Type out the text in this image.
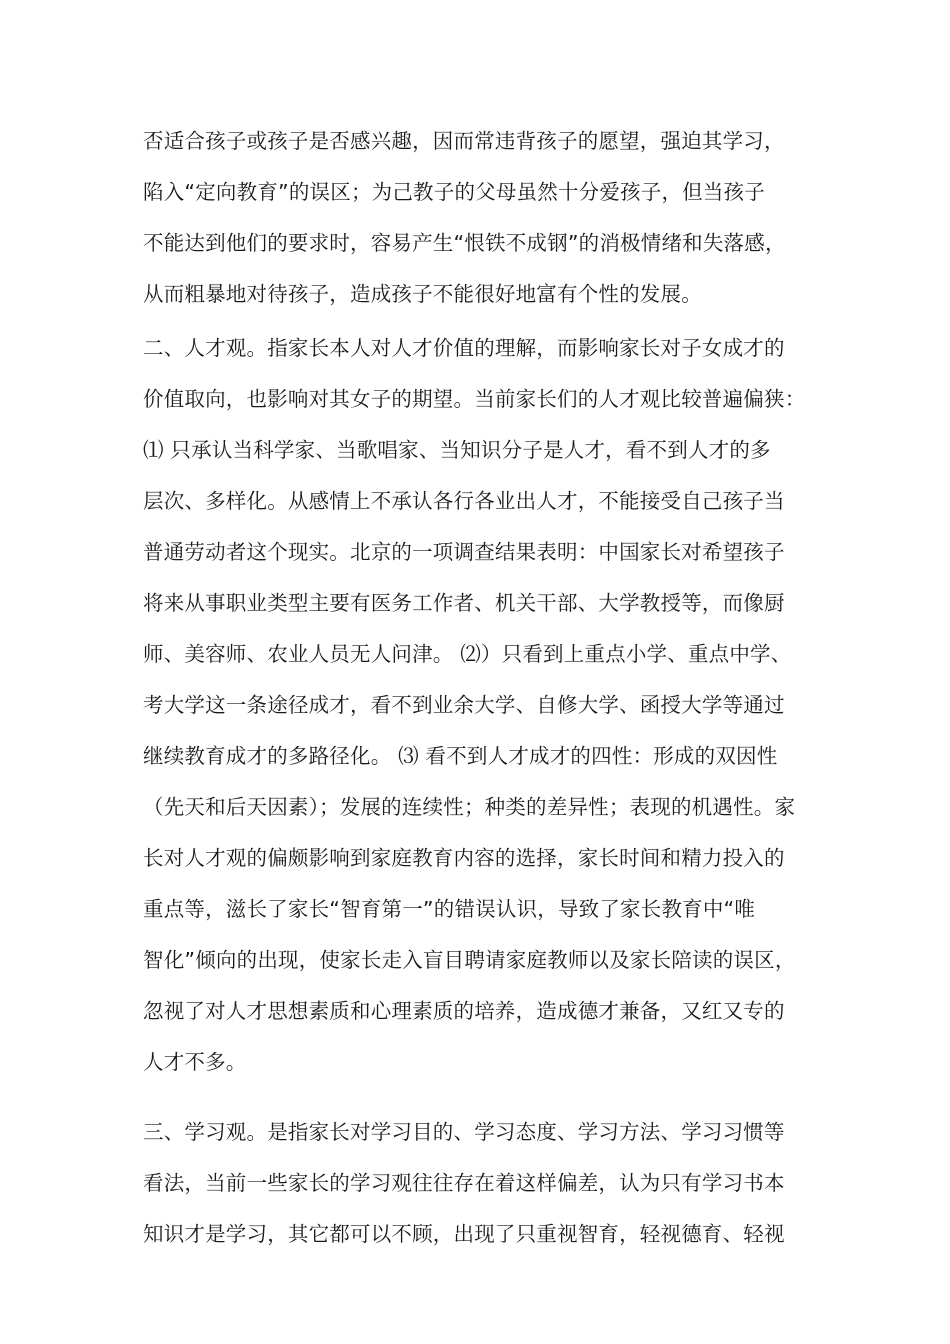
否适合孩子或孩子是否感兴趣，因而常违背孩子的愿望，强迫其学习，
陷入“定向教育”的误区；为己教子的父母虽然十分爱孩子，但当孩子
不能达到他们的要求时，容易产生“恨铁不成钢”的消极情绪和失落感，
从而粗暴地对待孩子，造成孩子不能很好地富有个性的发展。
二、人才观。指家长本人对人才价值的理解，而影响家长对子女成才的
价值取向，也影响对其女子的期望。当前家长们的人才观比较普遍偏狭：
⑴ 只承认当科学家、当歌唱家、当知识分子是人才，看不到人才的多
层次、多样化。从感情上不承认各行各业出人才，不能接受自己孩子当
普通劳动者这个现实。北京的一项调查结果表明：中国家长对希望孩子
将来从事职业类型主要有医务工作者、机关干部、大学教授等，而像厨
师、美容师、农业人员无人问津。 ⑵）只看到上重点小学、重点中学、
考大学这一条途径成才，看不到业余大学、自修大学、函授大学等通过
继续教育成才的多路径化。 ⑶ 看不到人才成才的四性：形成的双因性
（先天和后天因素）；发展的连续性；种类的差异性；表现的机遇性。家
长对人才观的偏颇影响到家庭教育内容的选择，家长时间和精力投入的
重点等，滋长了家长“智育第一”的错误认识，导致了家长教育中“唯
智化”倾向的出现，使家长走入盲目聘请家庭教师以及家长陪读的误区，
忽视了对人才思想素质和心理素质的培养，造成德才兼备，又红又专的
人才不多。
三、学习观。是指家长对学习目的、学习态度、学习方法、学习习惯等
看法，当前一些家长的学习观往往存在着这样偏差，认为只有学习书本
知识才是学习，其它都可以不顾，出现了只重视智育，轻视德育、轻视
